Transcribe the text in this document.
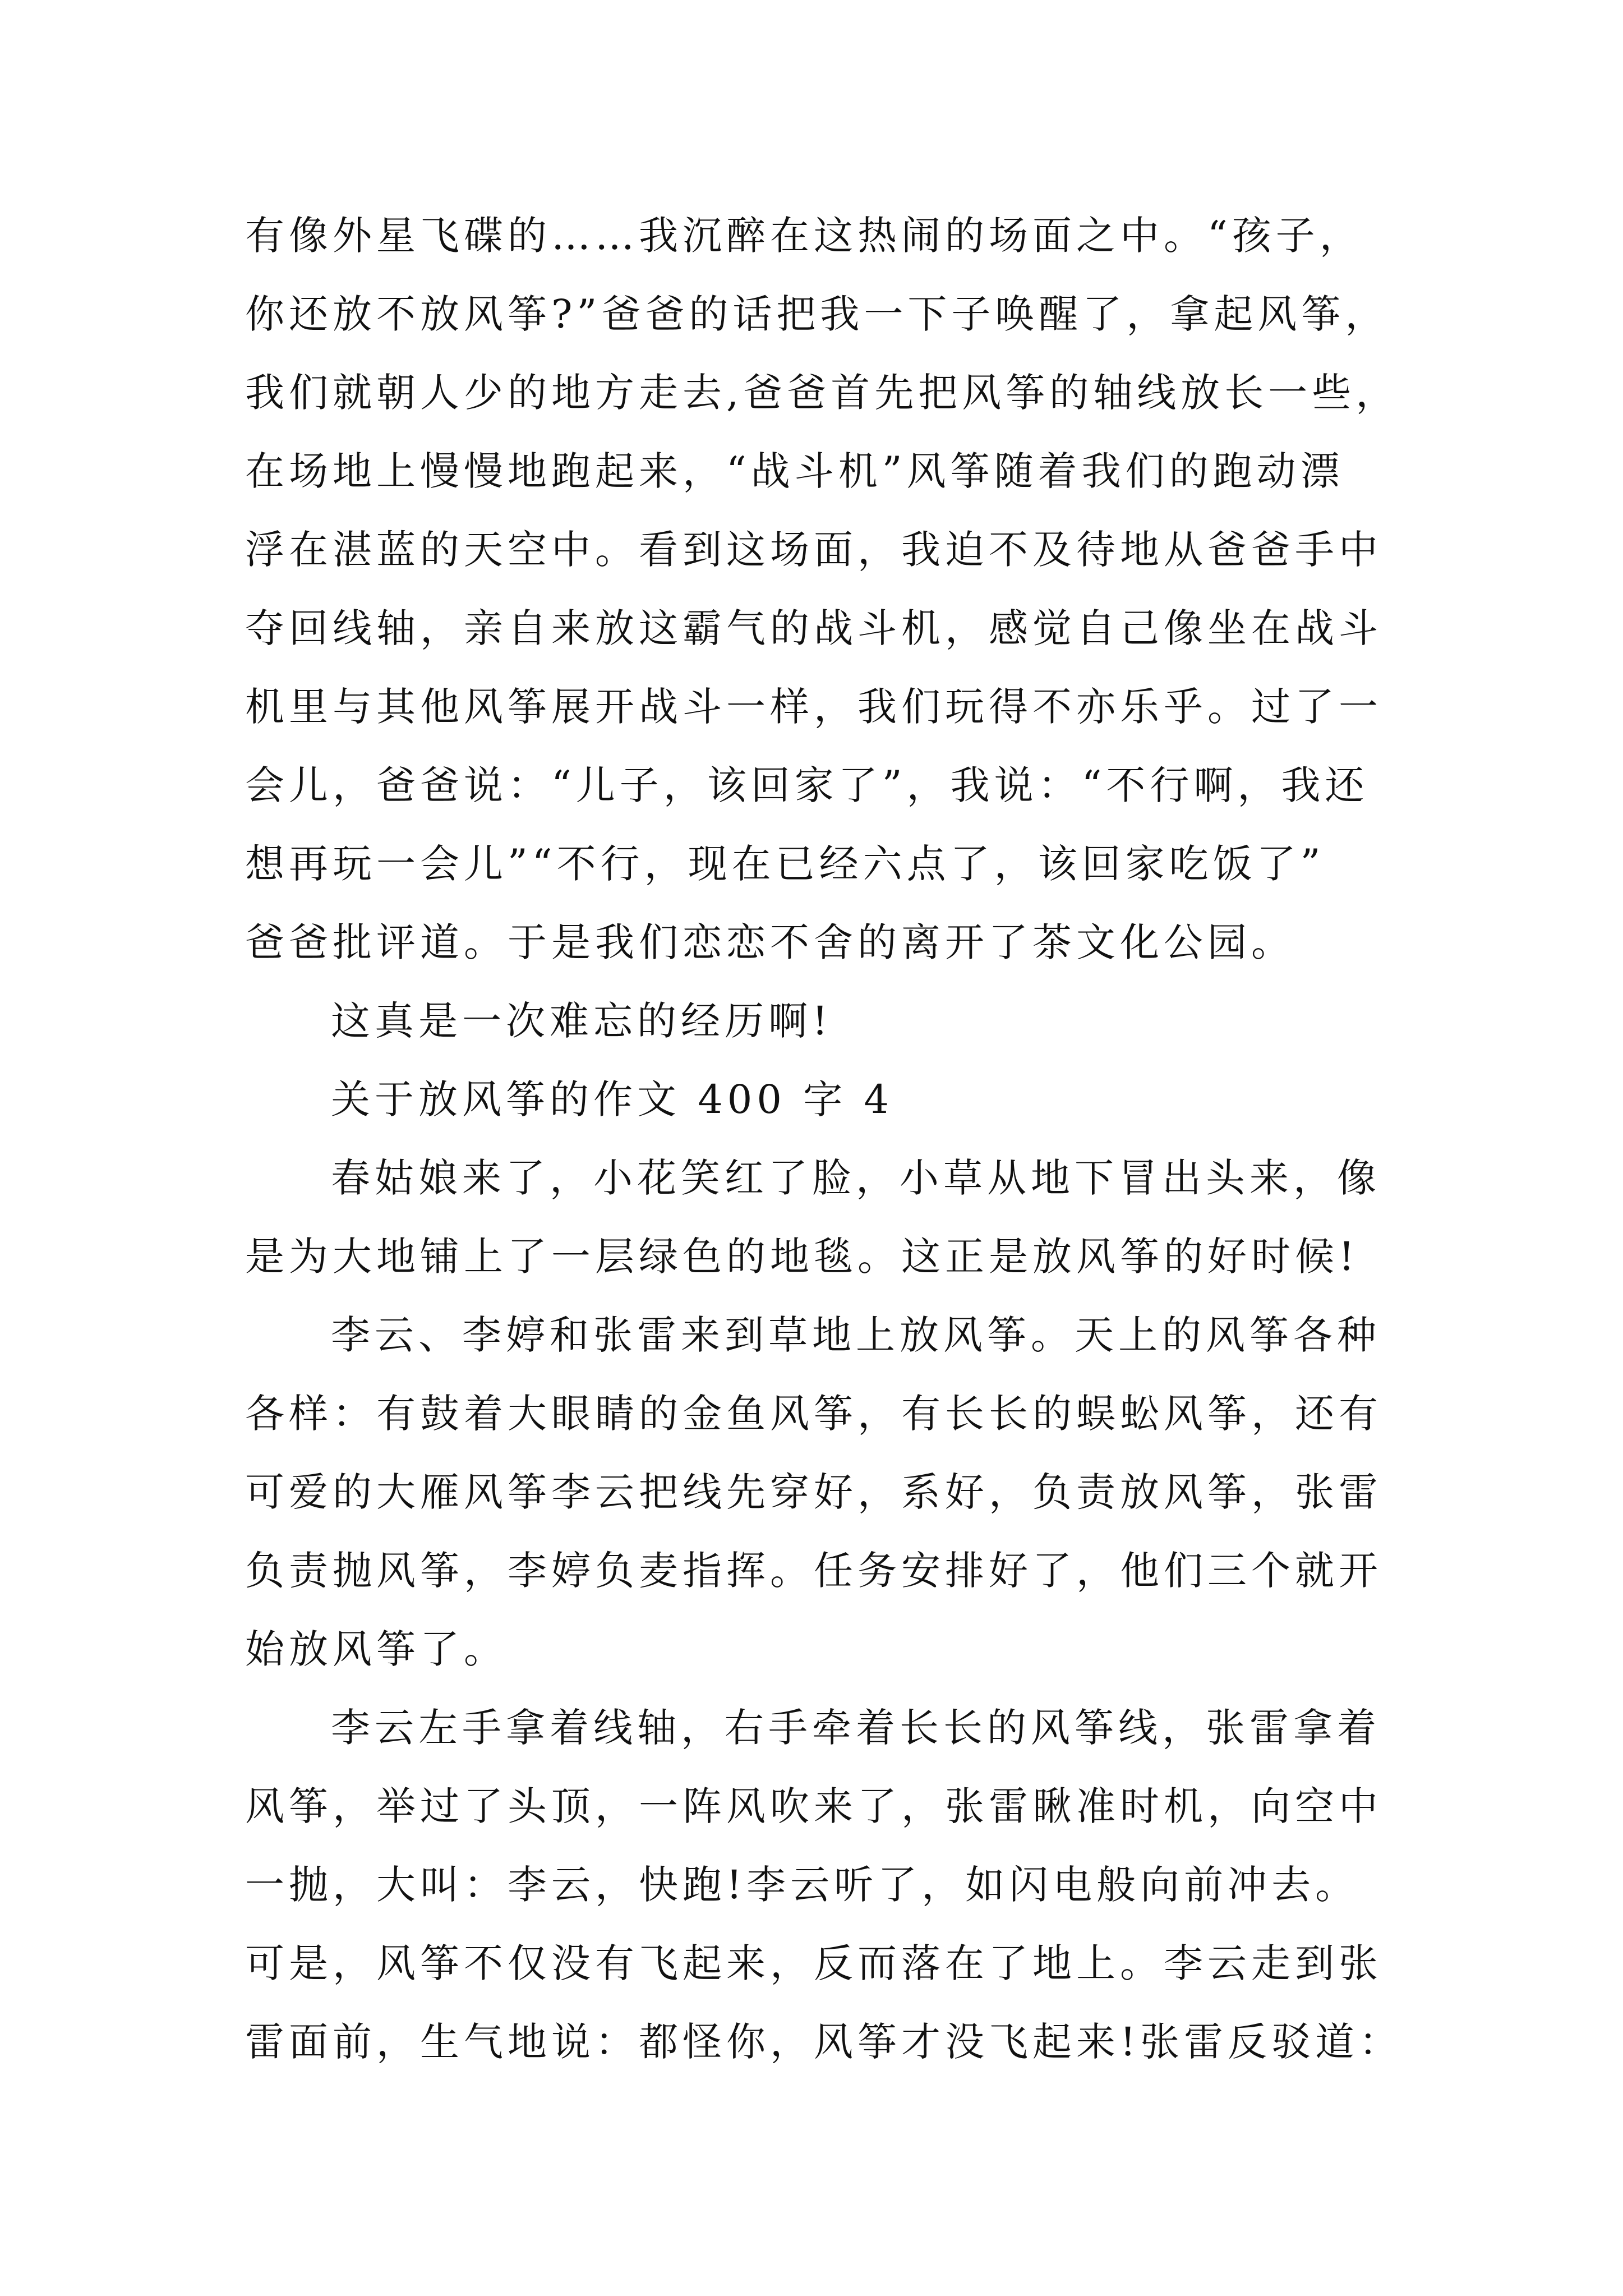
有像外星飞碟的……我沉醉在这热闹的场面之中。“孩子，
你还放不放风筝?”爸爸的话把我一下子唤醒了，拿起风筝，
我们就朝人少的地方走去,爸爸首先把风筝的轴线放长一些，
在场地上慢慢地跑起来，“战斗机”风筝随着我们的跑动漂
浮在湛蓝的天空中。看到这场面，我迫不及待地从爸爸手中
夺回线轴，亲自来放这霸气的战斗机，感觉自己像坐在战斗
机里与其他风筝展开战斗一样，我们玩得不亦乐乎。过了一
会儿，爸爸说：“儿子，该回家了”，我说：“不行啊，我还
想再玩一会儿”“不行，现在已经六点了，该回家吃饭了”
爸爸批评道。于是我们恋恋不舍的离开了茶文化公园。
这真是一次难忘的经历啊!
关于放风筝的作文 400 字 4
春姑娘来了，小花笑红了脸，小草从地下冒出头来，像
是为大地铺上了一层绿色的地毯。这正是放风筝的好时候!
李云、李婷和张雷来到草地上放风筝。天上的风筝各种
各样：有鼓着大眼睛的金鱼风筝，有长长的蜈蚣风筝，还有
可爱的大雁风筝李云把线先穿好，系好，负责放风筝，张雷
负责抛风筝，李婷负麦指挥。任务安排好了，他们三个就开
始放风筝了。
李云左手拿着线轴，右手牵着长长的风筝线，张雷拿着
风筝，举过了头顶，一阵风吹来了，张雷瞅准时机，向空中
一抛，大叫：李云，快跑!李云听了，如闪电般向前冲去。
可是，风筝不仅没有飞起来，反而落在了地上。李云走到张
雷面前，生气地说：都怪你，风筝才没飞起来!张雷反驳道：
